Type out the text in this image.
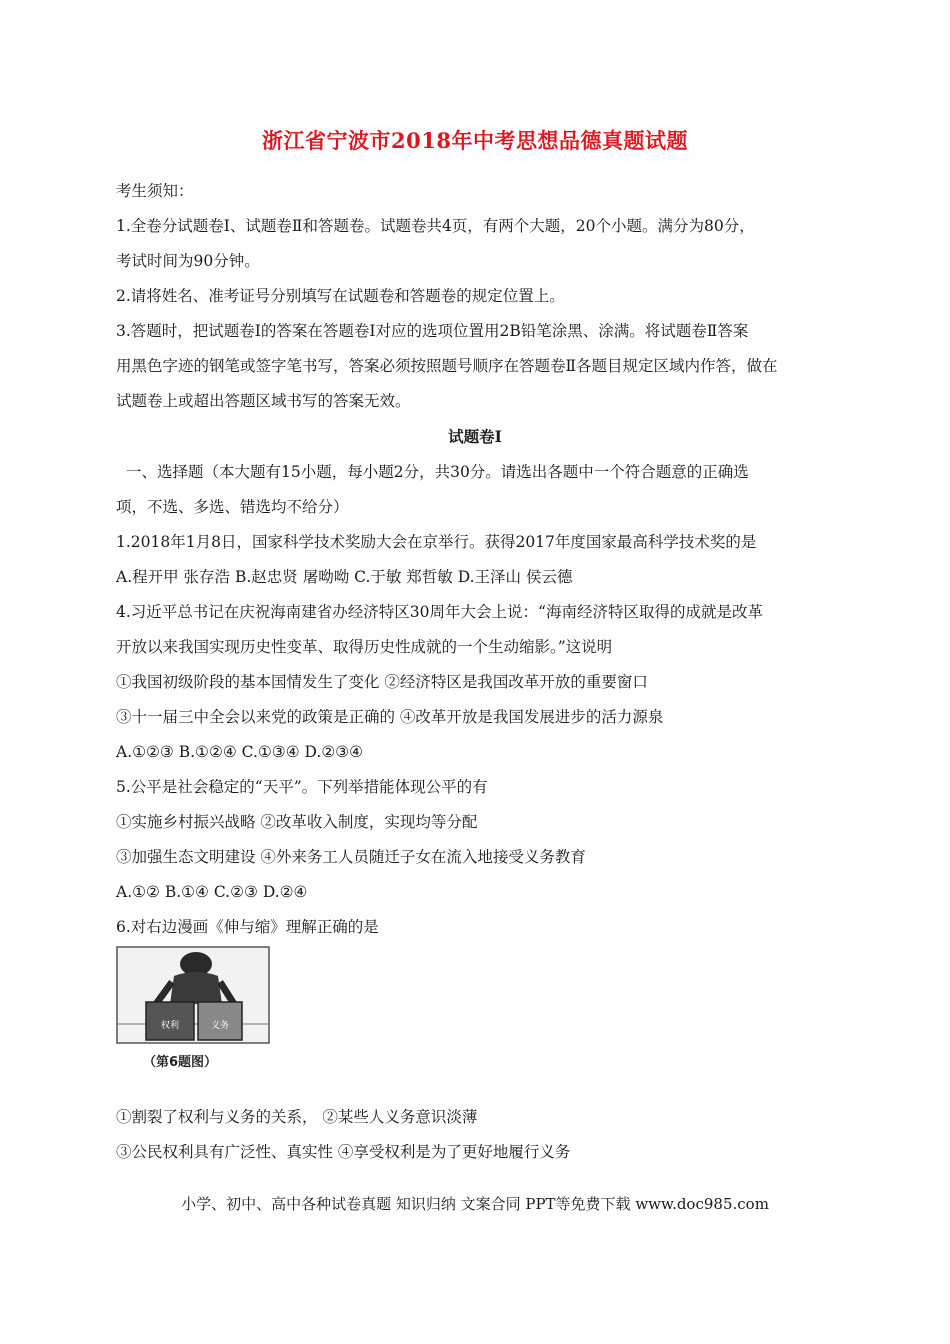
浙江省宁波市2018年中考思想品德真题试题
考生须知：
1.全卷分试题卷Ⅰ、试题卷Ⅱ和答题卷。试题卷共4页，有两个大题，20个小题。满分为80分，
考试时间为90分钟。
2.请将姓名、准考证号分别填写在试题卷和答题卷的规定位置上。
3.答题时，把试题卷Ⅰ的答案在答题卷Ⅰ对应的选项位置用2B铅笔涂黑、涂满。将试题卷Ⅱ答案
用黑色字迹的钢笔或签字笔书写，答案必须按照题号顺序在答题卷Ⅱ各题目规定区域内作答，做在
试题卷上或超出答题区域书写的答案无效。
试题卷Ⅰ
一、选择题（本大题有15小题，每小题2分，共30分。请选出各题中一个符合题意的正确选
项，不选、多选、错选均不给分）
1.2018年1月8日，国家科学技术奖励大会在京举行。获得2017年度国家最高科学技术奖的是
A.程开甲 张存浩 B.赵忠贤 屠呦呦 C.于敏 郑哲敏 D.王泽山 侯云德
4.习近平总书记在庆祝海南建省办经济特区30周年大会上说：“海南经济特区取得的成就是改革
开放以来我国实现历史性变革、取得历史性成就的一个生动缩影。”这说明
①我国初级阶段的基本国情发生了变化 ②经济特区是我国改革开放的重要窗口
③十一届三中全会以来党的政策是正确的 ④改革开放是我国发展进步的活力源泉
A.①②③ B.①②④ C.①③④ D.②③④
5.公平是社会稳定的“天平”。下列举措能体现公平的有
①实施乡村振兴战略 ②改革收入制度，实现均等分配
③加强生态文明建设 ④外来务工人员随迁子女在流入地接受义务教育
A.①② B.①④ C.②③ D.②④
6.对右边漫画《伸与缩》理解正确的是
权利	义务
（第6题图）
①割裂了权利与义务的关系， ②某些人义务意识淡薄
③公民权利具有广泛性、真实性 ④享受权利是为了更好地履行义务
小学、初中、高中各种试卷真题 知识归纳 文案合同 PPT等免费下载 www.doc985.com
